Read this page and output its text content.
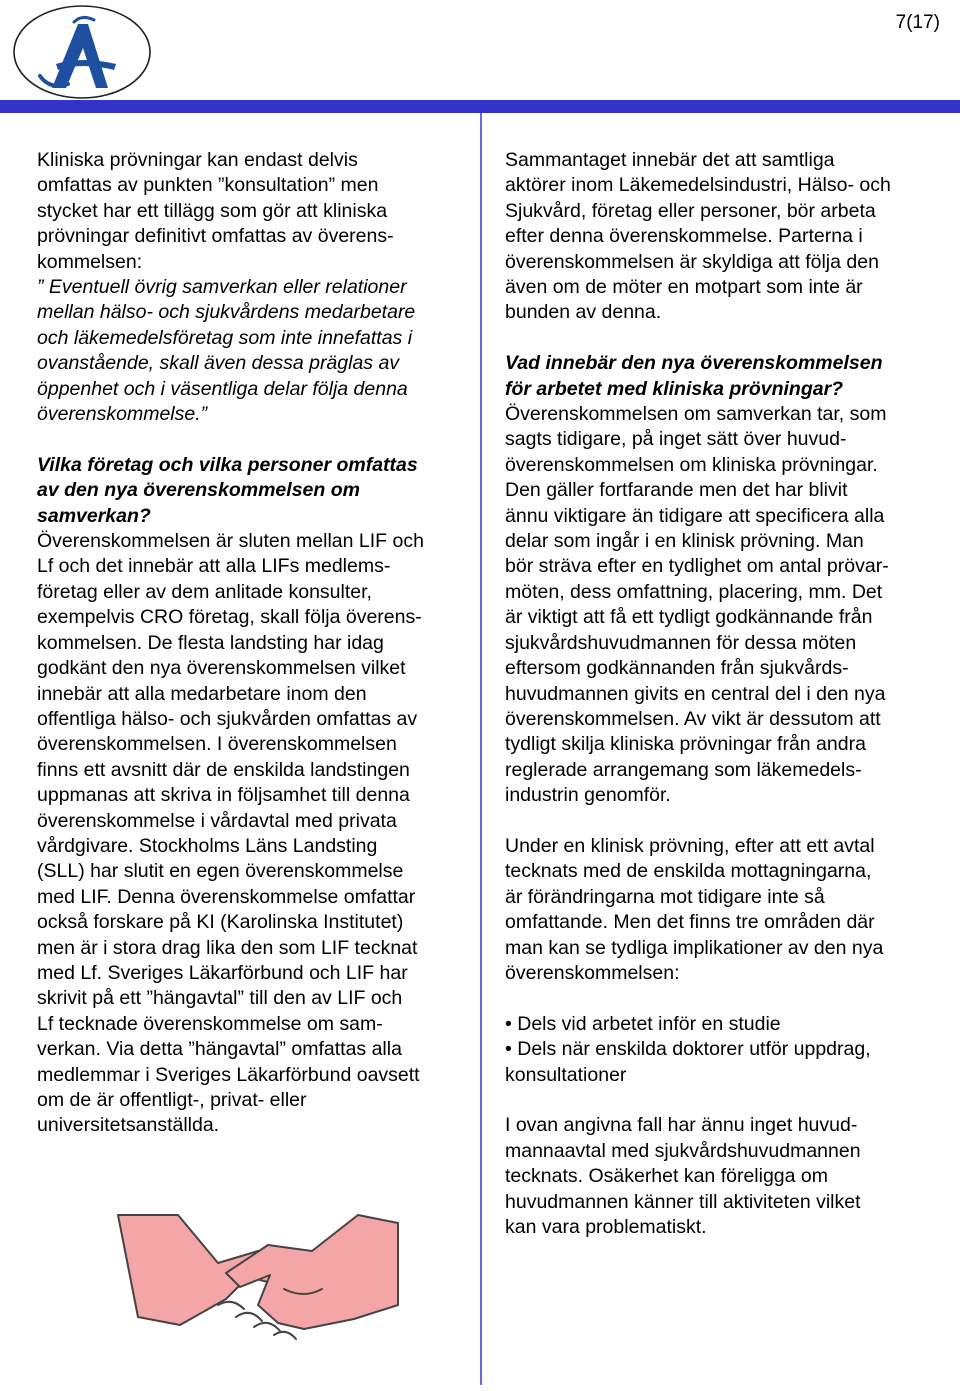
7(17)

Kliniska prövningar kan endast delvis
omfattas av punkten ”konsultation” men
stycket har ett tillägg som gör att kliniska
prövningar definitivt omfattas av överens-
kommelsen:

” Eventuell övrig samverkan eller relationer
mellan hälso- och sjukvårdens medarbetare
och läkemedelsföretag som inte innefattas i
ovanstående, skall även dessa präglas av
öppenhet och i väsentliga delar följa denna
överenskommelse.”

Vilka företag och vilka personer omfattas
av den nya överenskommelsen om
samverkan?

Överenskommelsen är sluten mellan LIF och
Lf och det innebär att alla LIFs medlems-
företag eller av dem anlitade konsulter,
exempelvis CRO företag, skall följa överens-
kommelsen. De flesta landsting har idag
godkänt den nya överenskommelsen vilket
innebär att alla medarbetare inom den
offentliga hälso- och sjukvården omfattas av
överenskommelsen. I överenskommelsen
finns ett avsnitt där de enskilda landstingen
uppmanas att skriva in följsamhet till denna
överenskommelse i vårdavtal med privata
vårdgivare. Stockholms Läns Landsting
(SLL) har slutit en egen överenskommelse
med LIF. Denna överenskommelse omfattar
också forskare på KI (Karolinska Institutet)
men är i stora drag lika den som LIF tecknat
med Lf. Sveriges Läkarförbund och LIF har
skrivit på ett ”hängavtal” till den av LIF och
Lf tecknade överenskommelse om sam-
verkan. Via detta ”hängavtal” omfattas alla
medlemmar i Sveriges Läkarförbund oavsett
om de är offentligt-, privat- eller
universitetsanställda.

Sammantaget innebär det att samtliga
aktörer inom Läkemedelsindustri, Hälso- och
Sjukvård, företag eller personer, bör arbeta
efter denna överenskommelse. Parterna i
överenskommelsen är skyldiga att följa den
även om de möter en motpart som inte är
bunden av denna.

Vad innebär den nya överenskommelsen
för arbetet med kliniska prövningar?

Överenskommelsen om samverkan tar, som
sagts tidigare, på inget sätt över huvud-
överenskommelsen om kliniska prövningar.
Den gäller fortfarande men det har blivit
ännu viktigare än tidigare att specificera alla
delar som ingår i en klinisk prövning. Man
bör sträva efter en tydlighet om antal prövar-
möten, dess omfattning, placering, mm. Det
är viktigt att få ett tydligt godkännande från
sjukvårdshuvudmannen för dessa möten
eftersom godkännanden från sjukvårds-
huvudmannen givits en central del i den nya
överenskommelsen. Av vikt är dessutom att
tydligt skilja kliniska prövningar från andra
reglerade arrangemang som läkemedels-
industrin genomför.

Under en klinisk prövning, efter att ett avtal
tecknats med de enskilda mottagningarna,
är förändringarna mot tidigare inte så
omfattande. Men det finns tre områden där
man kan se tydliga implikationer av den nya
överenskommelsen:

• Dels vid arbetet inför en studie
• Dels när enskilda doktorer utför uppdrag,
konsultationer

I ovan angivna fall har ännu inget huvud-
mannaavtal med sjukvårdshuvudmannen
tecknats. Osäkerhet kan föreligga om
huvudmannen känner till aktiviteten vilket
kan vara problematiskt.
